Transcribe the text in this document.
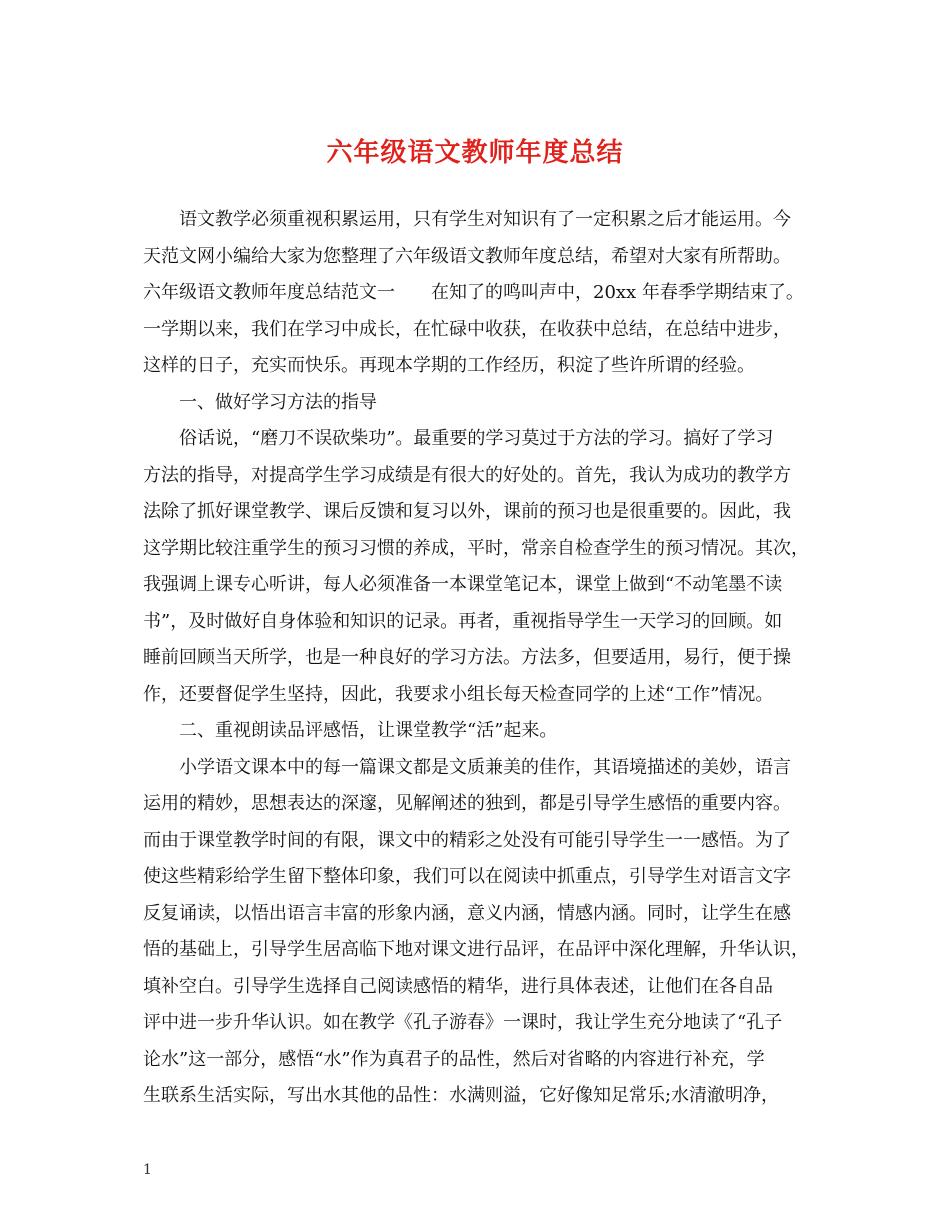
六年级语文教师年度总结
　　语文教学必须重视积累运用，只有学生对知识有了一定积累之后才能运用。今
天范文网小编给大家为您整理了六年级语文教师年度总结，希望对大家有所帮助。
六年级语文教师年度总结范文一　　在知了的鸣叫声中，20xx 年春季学期结束了。
一学期以来，我们在学习中成长，在忙碌中收获，在收获中总结，在总结中进步，
这样的日子，充实而快乐。再现本学期的工作经历，积淀了些许所谓的经验。
　　一、做好学习方法的指导
　　俗话说，“磨刀不误砍柴功”。最重要的学习莫过于方法的学习。搞好了学习
方法的指导，对提高学生学习成绩是有很大的好处的。首先，我认为成功的教学方
法除了抓好课堂教学、课后反馈和复习以外，课前的预习也是很重要的。因此，我
这学期比较注重学生的预习习惯的养成，平时，常亲自检查学生的预习情况。其次，
我强调上课专心听讲，每人必须准备一本课堂笔记本，课堂上做到“不动笔墨不读
书”，及时做好自身体验和知识的记录。再者，重视指导学生一天学习的回顾。如
睡前回顾当天所学，也是一种良好的学习方法。方法多，但要适用，易行，便于操
作，还要督促学生坚持，因此，我要求小组长每天检查同学的上述“工作”情况。
　　二、重视朗读品评感悟，让课堂教学“活”起来。
　　小学语文课本中的每一篇课文都是文质兼美的佳作，其语境描述的美妙，语言
运用的精妙，思想表达的深邃，见解阐述的独到，都是引导学生感悟的重要内容。
而由于课堂教学时间的有限，课文中的精彩之处没有可能引导学生一一感悟。为了
使这些精彩给学生留下整体印象，我们可以在阅读中抓重点，引导学生对语言文字
反复诵读，以悟出语言丰富的形象内涵，意义内涵，情感内涵。同时，让学生在感
悟的基础上，引导学生居高临下地对课文进行品评，在品评中深化理解，升华认识，
填补空白。引导学生选择自己阅读感悟的精华，进行具体表述，让他们在各自品
评中进一步升华认识。如在教学《孔子游春》一课时，我让学生充分地读了“孔子
论水”这一部分，感悟“水”作为真君子的品性，然后对省略的内容进行补充，学
生联系生活实际，写出水其他的品性：水满则溢，它好像知足常乐;水清澈明净，
1
